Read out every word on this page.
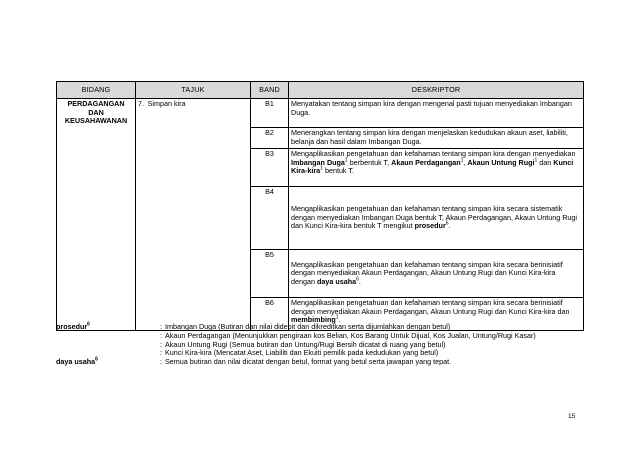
BIDANG	TAJUK	BAND	DESKRIPTOR

PERDAGANGAN
DAN
KEUSAHAWANAN	7. Simpan kira	B1	Menyatakan tentang simpan kira dengan mengenal pasti tujuan menyediakan Imbangan Duga.
		B2	Menerangkan tentang simpan kira dengan menjelaskan kedudukan akaun aset, liabiliti, belanja dan hasil dalam Imbangan Duga.
		B3	Mengaplikasikan pengetahuan dan kefahaman tentang simpan kira dengan menyediakan Imbangan Duga$^1$ berbentuk T, Akaun Perdagangan$^1$, Akaun Untung Rugi$^1$ dan Kunci Kira-kira$^1$ bentuk T.
		B4	Mengaplikasikan pengetahuan dan kefahaman tentang simpan kira secara sistematik dengan menyediakan Imbangan Duga bentuk T, Akaun Perdagangan, Akaun Untung Rugi dan Kunci Kira-kira bentuk T mengikut prosedur$^6$.
		B5	Mengaplikasikan pengetahuan dan kefahaman tentang simpan kira secara berinisiatif dengan menyediakan Akaun Perdagangan, Akaun Untung Rugi dan Kunci Kira-kira dengan daya usaha$^6$.
		B6	Mengaplikasikan pengetahuan dan kefahaman tentang simpan kira secara berinisiatif dengan menyediakan Akaun Perdagangan, Akaun Untung Rugi dan Kunci Kira-kira dan membimbing$^1$.
prosedur$^6$	: Imbangan Duga (Butiran dan nilai didebit dan dikreditkan serta dijumlahkan dengan betul)
: Akaun Perdagangan (Menunjukkan pengiraan kos Belian, Kos Barang Untuk Dijual, Kos Jualan, Untung/Rugi Kasar)
: Akaun Untung Rugi (Semua butiran dan Untung/Rugi Bersih dicatat di ruang yang betul)
: Kunci Kira-kira (Mencatat Aset, Liabiliti dan Ekuiti pemilik pada kedudukan yang betul)
daya usaha$^6$	: Semua butiran dan nilai dicatat dengan betul, format yang betul serta jawapan yang tepat.
15
